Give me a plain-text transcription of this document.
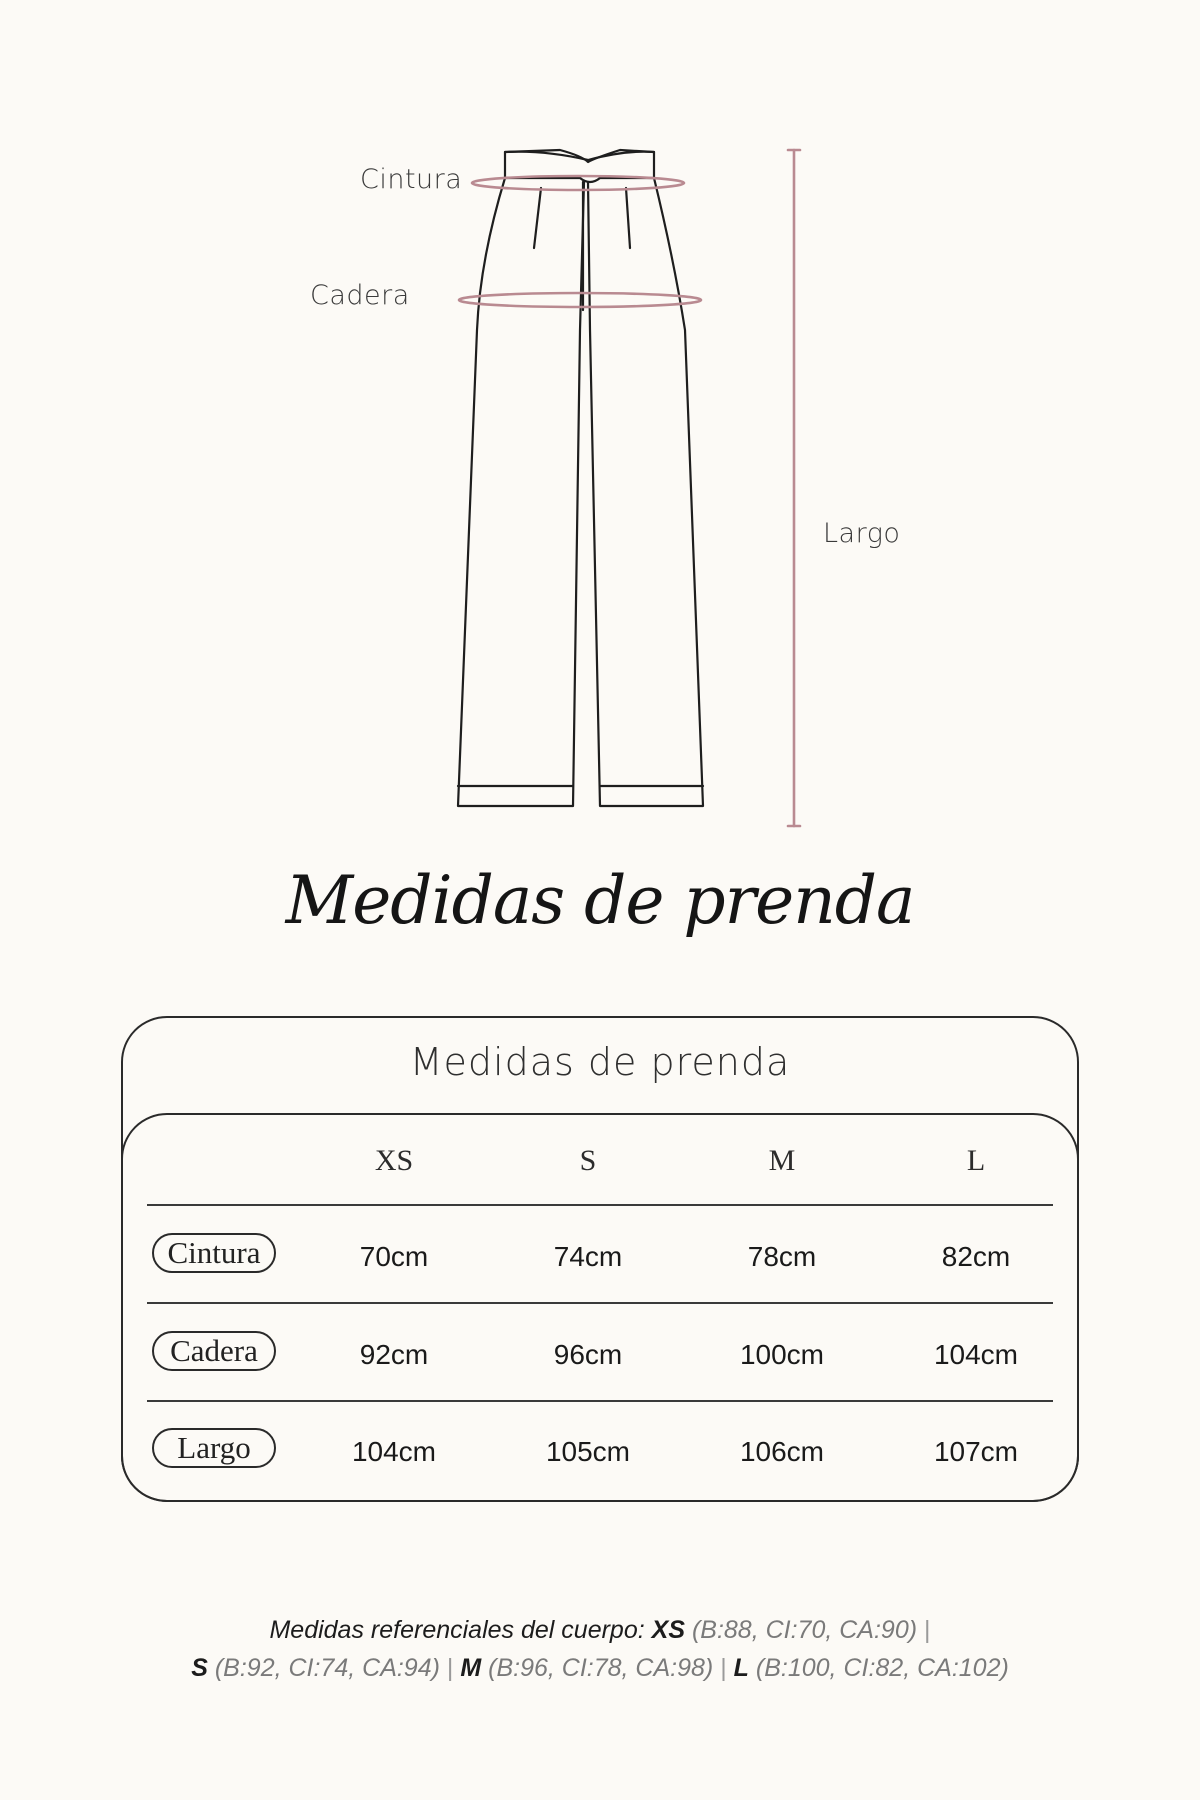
Cintura
Cadera
Largo
Medidas de prenda
Medidas de prenda
XS	S	M	L
Cintura	70cm	74cm	78cm	82cm
Cadera	92cm	96cm	100cm	104cm
Largo	104cm	105cm	106cm	107cm
Medidas referenciales del cuerpo: XS (B:88, CI:70, CA:90) |
S (B:92, CI:74, CA:94) | M (B:96, CI:78, CA:98) | L (B:100, CI:82, CA:102)
